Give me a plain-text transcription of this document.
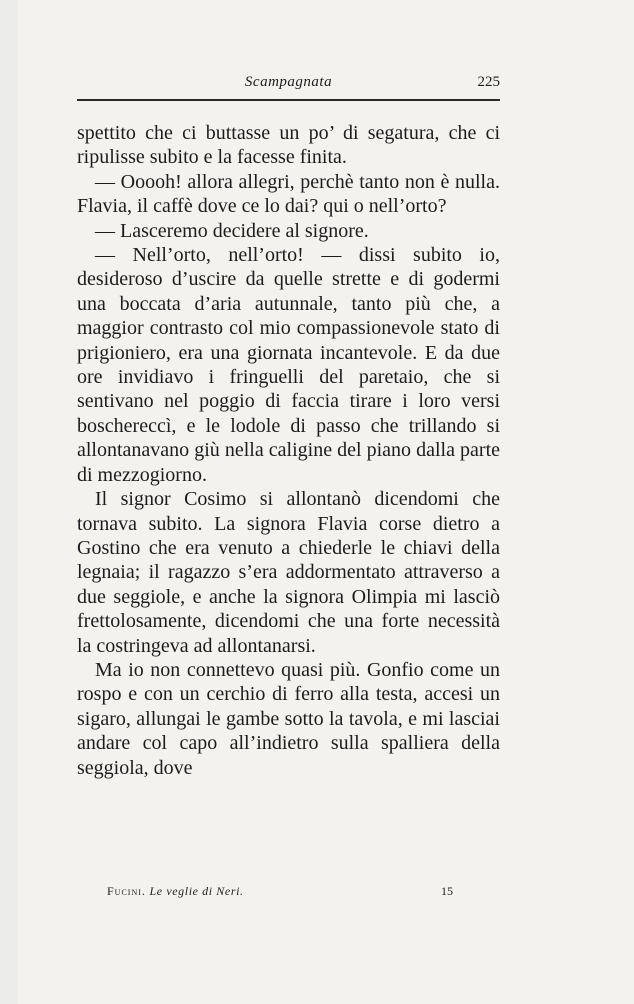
Scampagnata	225

spettito che ci buttasse un po’ di segatura, che ci ripulisse subito e la facesse finita.

— Ooooh! allora allegri, perchè tanto non è nulla. Flavia, il caffè dove ce lo dai? qui o nell’orto?

— Lasceremo decidere al signore.

— Nell’orto, nell’orto! — dissi subito io, desideroso d’uscire da quelle strette e di godermi una boccata d’aria autunnale, tanto più che, a maggior contrasto col mio compassionevole stato di prigioniero, era una giornata incantevole. E da due ore invidiavo i fringuelli del paretaio, che si sentivano nel poggio di faccia tirare i loro versi boschereccì, e le lodole di passo che trillando si allontanavano giù nella caligine del piano dalla parte di mezzogiorno.

Il signor Cosimo si allontanò dicendomi che tornava subito. La signora Flavia corse dietro a Gostino che era venuto a chiederle le chiavi della legnaia; il ragazzo s’era addormentato attraverso a due seggiole, e anche la signora Olimpia mi lasciò frettolosamente, dicendomi che una forte necessità la costringeva ad allontanarsi.

Ma io non connettevo quasi più. Gonfio come un rospo e con un cerchio di ferro alla testa, accesi un sigaro, allungai le gambe sotto la tavola, e mi lasciai andare col capo all’indietro sulla spalliera della seggiola, dove

Fucini. Le veglie di Neri.	15
